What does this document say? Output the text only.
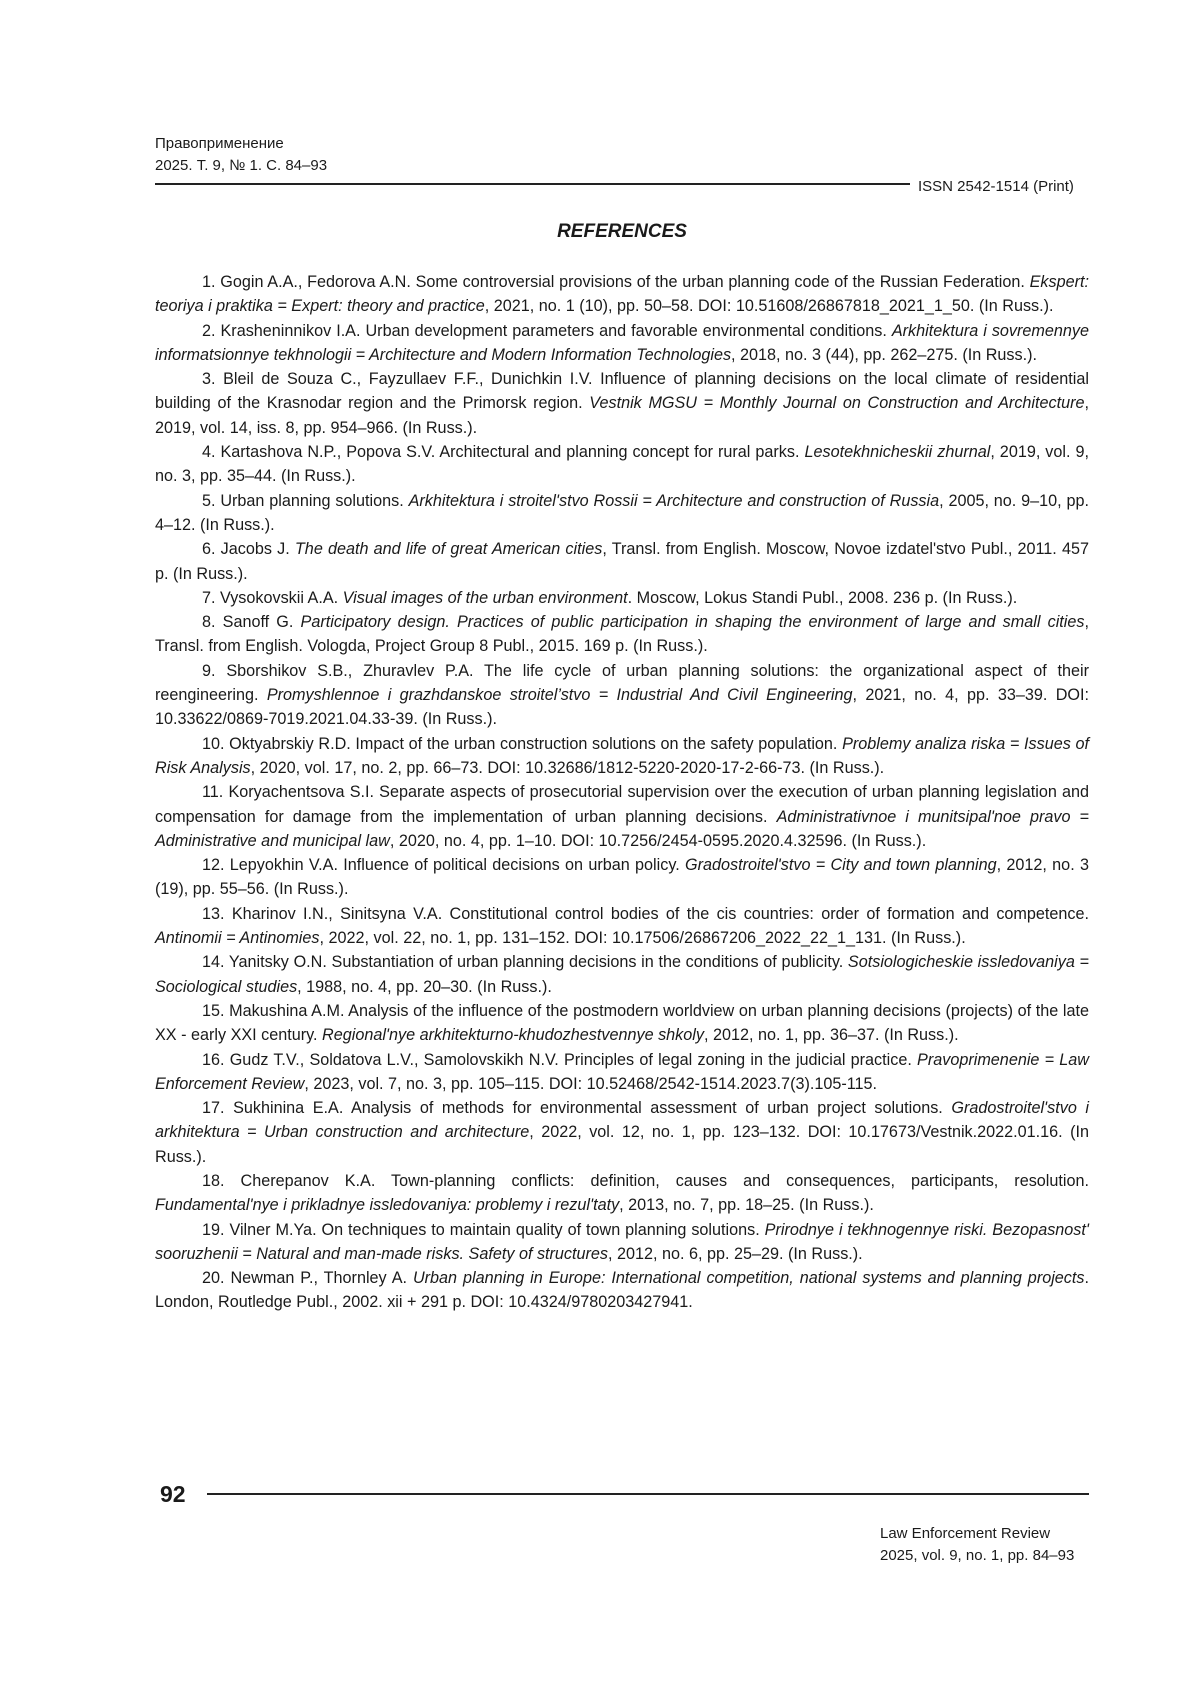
Правоприменение
2025. Т. 9, № 1. С. 84–93
ISSN 2542-1514 (Print)
REFERENCES

1. Gogin A.A., Fedorova A.N. Some controversial provisions of the urban planning code of the Russian Federation. Ekspert: teoriya i praktika = Expert: theory and practice, 2021, no. 1 (10), pp. 50–58. DOI: 10.51608/26867818_2021_1_50. (In Russ.).

2. Krasheninnikov I.A. Urban development parameters and favorable environmental conditions. Arkhitektura i sovremennye informatsionnye tekhnologii = Architecture and Modern Information Technologies, 2018, no. 3 (44), pp. 262–275. (In Russ.).

3. Bleil de Souza C., Fayzullaev F.F., Dunichkin I.V. Influence of planning decisions on the local climate of residential building of the Krasnodar region and the Primorsk region. Vestnik MGSU = Monthly Journal on Construction and Architecture, 2019, vol. 14, iss. 8, pp. 954–966. (In Russ.).

4. Kartashova N.P., Popova S.V. Architectural and planning concept for rural parks. Lesotekhnicheskii zhurnal, 2019, vol. 9, no. 3, pp. 35–44. (In Russ.).

5. Urban planning solutions. Arkhitektura i stroitel'stvo Rossii = Architecture and construction of Russia, 2005, no. 9–10, pp. 4–12. (In Russ.).

6. Jacobs J. The death and life of great American cities, Transl. from English. Moscow, Novoe izdatel'stvo Publ., 2011. 457 p. (In Russ.).

7. Vysokovskii A.A. Visual images of the urban environment. Moscow, Lokus Standi Publ., 2008. 236 p. (In Russ.).

8. Sanoff G. Participatory design. Practices of public participation in shaping the environment of large and small cities, Transl. from English. Vologda, Project Group 8 Publ., 2015. 169 p. (In Russ.).

9. Sborshikov S.B., Zhuravlev P.A. The life cycle of urban planning solutions: the organizational aspect of their reengineering. Promyshlennoe i grazhdanskoe stroitel’stvo = Industrial And Civil Engineering, 2021, no. 4, pp. 33–39. DOI: 10.33622/0869-7019.2021.04.33-39. (In Russ.).

10. Oktyabrskiy R.D. Impact of the urban construction solutions on the safety population. Problemy analiza riska = Issues of Risk Analysis, 2020, vol. 17, no. 2, pp. 66–73. DOI: 10.32686/1812-5220-2020-17-2-66-73. (In Russ.).

11. Koryachentsova S.I. Separate aspects of prosecutorial supervision over the execution of urban planning legislation and compensation for damage from the implementation of urban planning decisions. Administrativnoe i munitsipal'noe pravo = Administrative and municipal law, 2020, no. 4, pp. 1–10. DOI: 10.7256/2454-0595.2020.4.32596. (In Russ.).

12. Lepyokhin V.A. Influence of political decisions on urban policy. Gradostroitel'stvo = City and town planning, 2012, no. 3 (19), pp. 55–56. (In Russ.).

13. Kharinov I.N., Sinitsyna V.A. Constitutional control bodies of the cis countries: order of formation and competence. Antinomii = Antinomies, 2022, vol. 22, no. 1, pp. 131–152. DOI: 10.17506/26867206_2022_22_1_131. (In Russ.).

14. Yanitsky O.N. Substantiation of urban planning decisions in the conditions of publicity. Sotsiologicheskie issledovaniya = Sociological studies, 1988, no. 4, pp. 20–30. (In Russ.).

15. Makushina A.M. Analysis of the influence of the postmodern worldview on urban planning decisions (projects) of the late XX - early XXI century. Regional'nye arkhitekturno-khudozhestvennye shkoly, 2012, no. 1, pp. 36–37. (In Russ.).

16. Gudz T.V., Soldatova L.V., Samolovskikh N.V. Principles of legal zoning in the judicial practice. Pravoprimenenie = Law Enforcement Review, 2023, vol. 7, no. 3, pp. 105–115. DOI: 10.52468/2542-1514.2023.7(3).105-115.

17. Sukhinina E.A. Analysis of methods for environmental assessment of urban project solutions. Gradostroitel'stvo i arkhitektura = Urban construction and architecture, 2022, vol. 12, no. 1, pp. 123–132. DOI: 10.17673/Vestnik.2022.01.16. (In Russ.).

18. Cherepanov K.A. Town-planning conflicts: definition, causes and consequences, participants, resolution. Fundamental'nye i prikladnye issledovaniya: problemy i rezul'taty, 2013, no. 7, pp. 18–25. (In Russ.).

19. Vilner M.Ya. On techniques to maintain quality of town planning solutions. Prirodnye i tekhnogennye riski. Bezopasnost' sooruzhenii = Natural and man-made risks. Safety of structures, 2012, no. 6, pp. 25–29. (In Russ.).

20. Newman P., Thornley A. Urban planning in Europe: International competition, national systems and planning projects. London, Routledge Publ., 2002. xii + 291 p. DOI: 10.4324/9780203427941.

92
Law Enforcement Review
2025, vol. 9, no. 1, pp. 84–93
